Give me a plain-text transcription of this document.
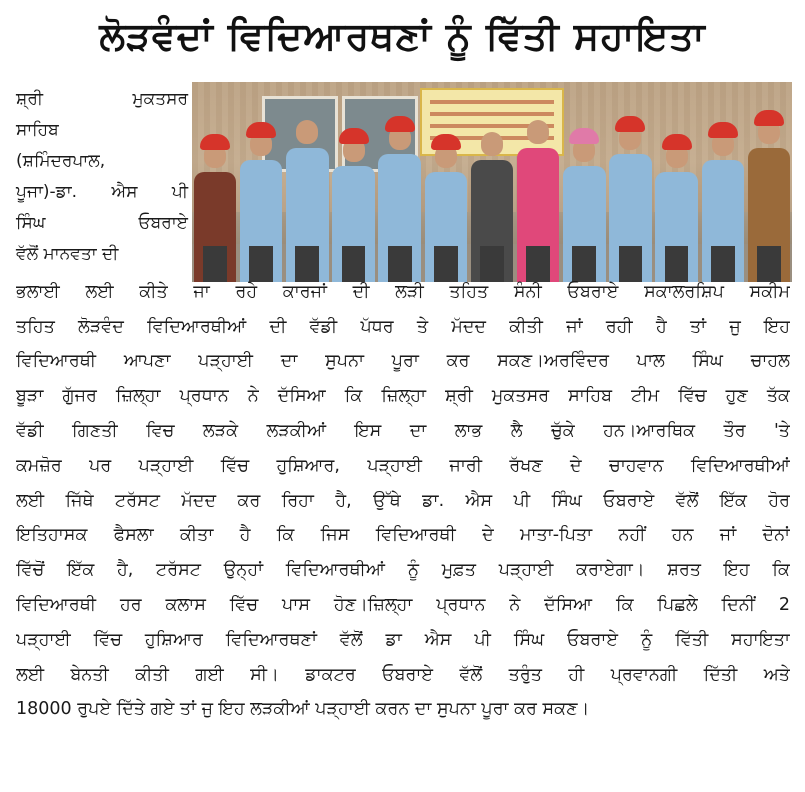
ਲੋੜਵੰਦਾਂ ਵਿਦਿਆਰਥਣਾਂ ਨੂੰ ਵਿੱਤੀ ਸਹਾਇਤਾ
ਸ਼੍ਰੀ ਮੁਕਤਸਰ
ਸਾਹਿਬ
(ਸ਼ਮਿੰਦਰਪਾਲ,
ਪੂਜਾ)-ਡਾ. ਐਸ ਪੀ
ਸਿੰਘ ਓਬਰਾਏ
ਵੱਲੋਂ ਮਾਨਵਤਾ ਦੀ
ਭਲਾਈ ਲਈ ਕੀਤੇ ਜਾ ਰਹੇ ਕਾਰਜਾਂ ਦੀ ਲੜੀ ਤਹਿਤ ਸੰਨੀ ਓਬਰਾਏ ਸਕਾਲਰਸ਼ਿਪ ਸਕੀਮ
ਤਹਿਤ ਲੋੜਵੰਦ ਵਿਦਿਆਰਥੀਆਂ ਦੀ ਵੱਡੀ ਪੱਧਰ ਤੇ ਮੱਦਦ ਕੀਤੀ ਜਾਂ ਰਹੀ ਹੈ ਤਾਂ ਜੁ ਇਹ
ਵਿਦਿਆਰਥੀ ਆਪਣਾ ਪੜ੍ਹਾਈ ਦਾ ਸੁਪਨਾ ਪੂਰਾ ਕਰ ਸਕਣ।ਅਰਵਿੰਦਰ ਪਾਲ ਸਿੰਘ ਚਾਹਲ
ਬੂੜਾ ਗੁੱਜਰ ਜ਼ਿਲ੍ਹਾ ਪ੍ਰਧਾਨ ਨੇ ਦੱਸਿਆ ਕਿ ਜ਼ਿਲ੍ਹਾ ਸ਼੍ਰੀ ਮੁਕਤਸਰ ਸਾਹਿਬ ਟੀਮ ਵਿੱਚ ਹੁਣ ਤੱਕ
ਵੱਡੀ ਗਿਣਤੀ ਵਿਚ ਲੜਕੇ ਲੜਕੀਆਂ ਇਸ ਦਾ ਲਾਭ ਲੈ ਚੁੱਕੇ ਹਨ।ਆਰਥਿਕ ਤੌਰ 'ਤੇ
ਕਮਜ਼ੋਰ ਪਰ ਪੜ੍ਹਾਈ ਵਿੱਚ ਹੁਸ਼ਿਆਰ, ਪੜ੍ਹਾਈ ਜਾਰੀ ਰੱਖਣ ਦੇ ਚਾਹਵਾਨ ਵਿਦਿਆਰਥੀਆਂ
ਲਈ ਜਿੱਥੇ ਟਰੱਸਟ ਮੱਦਦ ਕਰ ਰਿਹਾ ਹੈ, ਉੱਥੇ ਡਾ. ਐਸ ਪੀ ਸਿੰਘ ਓਬਰਾਏ ਵੱਲੋਂ ਇੱਕ ਹੋਰ
ਇਤਿਹਾਸਕ ਫੈਸਲਾ ਕੀਤਾ ਹੈ ਕਿ ਜਿਸ ਵਿਦਿਆਰਥੀ ਦੇ ਮਾਤਾ-ਪਿਤਾ ਨਹੀਂ ਹਨ ਜਾਂ ਦੋਨਾਂ
ਵਿੱਚੋਂ ਇੱਕ ਹੈ, ਟਰੱਸਟ ਉਨ੍ਹਾਂ ਵਿਦਿਆਰਥੀਆਂ ਨੂੰ ਮੁਫ਼ਤ ਪੜ੍ਹਾਈ ਕਰਾਏਗਾ। ਸ਼ਰਤ ਇਹ ਕਿ
ਵਿਦਿਆਰਥੀ ਹਰ ਕਲਾਸ ਵਿੱਚ ਪਾਸ ਹੋਣ।ਜ਼ਿਲ੍ਹਾ ਪ੍ਰਧਾਨ ਨੇ ਦੱਸਿਆ ਕਿ ਪਿਛਲੇ ਦਿਨੀਂ 2
ਪੜ੍ਹਾਈ ਵਿੱਚ ਹੁਸ਼ਿਆਰ ਵਿਦਿਆਰਥਣਾਂ ਵੱਲੋਂ ਡਾ ਐਸ ਪੀ ਸਿੰਘ ਓਬਰਾਏ ਨੂੰ ਵਿੱਤੀ ਸਹਾਇਤਾ
ਲਈ ਬੇਨਤੀ ਕੀਤੀ ਗਈ ਸੀ। ਡਾਕਟਰ ਓਬਰਾਏ ਵੱਲੋਂ ਤਰੁੰਤ ਹੀ ਪ੍ਰਵਾਨਗੀ ਦਿੱਤੀ ਅਤੇ
18000 ਰੁਪਏ ਦਿੱਤੇ ਗਏ ਤਾਂ ਜੁ ਇਹ ਲੜਕੀਆਂ ਪੜ੍ਹਾਈ ਕਰਨ ਦਾ ਸੁਪਨਾ ਪੂਰਾ ਕਰ ਸਕਣ।
